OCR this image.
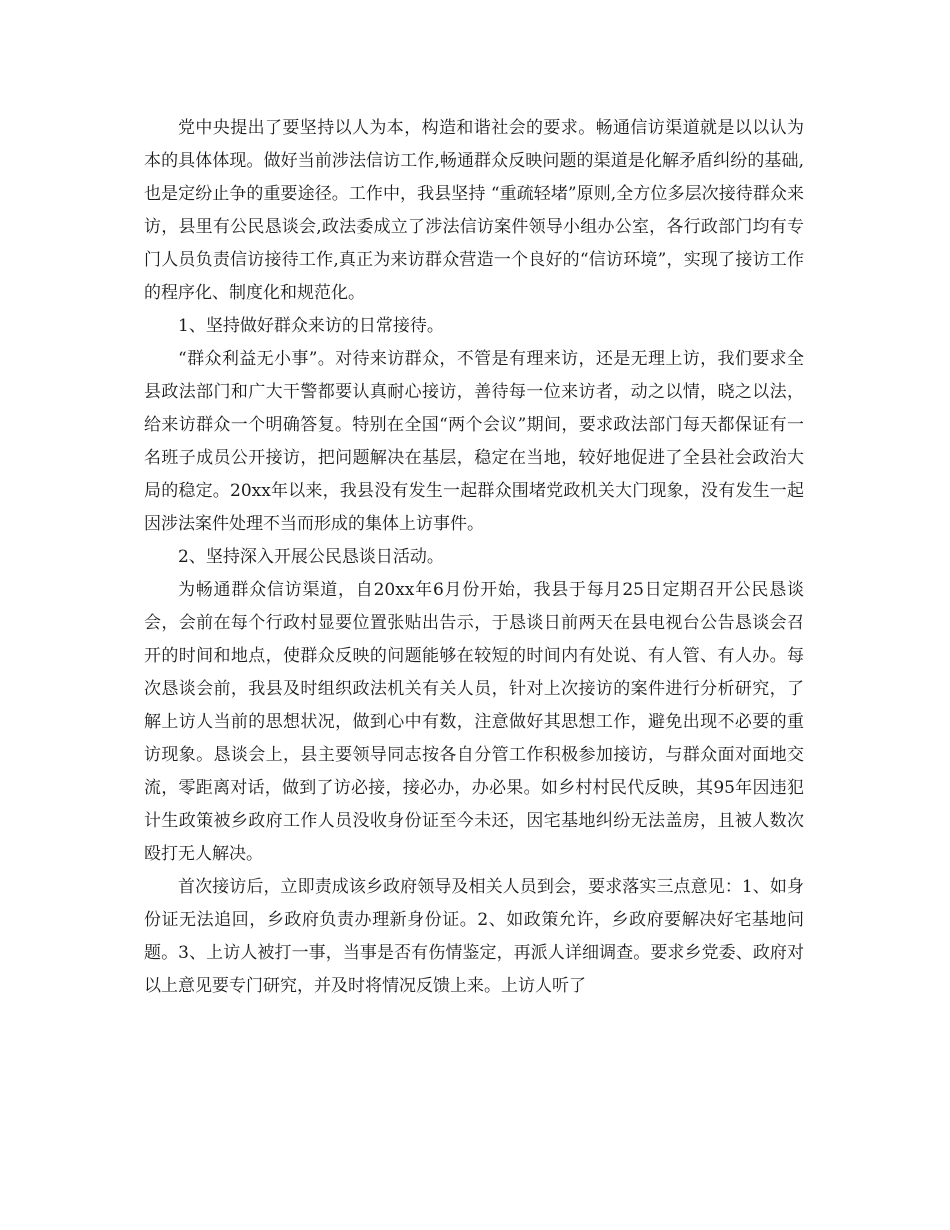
党中央提出了要坚持以人为本，构造和谐社会的要求。畅通信访渠道就是以以认为本的具体体现。做好当前涉法信访工作,畅通群众反映问题的渠道是化解矛盾纠纷的基础,也是定纷止争的重要途径。工作中，我县坚持 “重疏轻堵”原则,全方位多层次接待群众来访，县里有公民恳谈会,政法委成立了涉法信访案件领导小组办公室，各行政部门均有专门人员负责信访接待工作,真正为来访群众营造一个良好的“信访环境”，实现了接访工作的程序化、制度化和规范化。

1、坚持做好群众来访的日常接待。

“群众利益无小事”。对待来访群众，不管是有理来访，还是无理上访，我们要求全县政法部门和广大干警都要认真耐心接访，善待每一位来访者，动之以情，晓之以法，给来访群众一个明确答复。特别在全国“两个会议”期间，要求政法部门每天都保证有一名班子成员公开接访，把问题解决在基层，稳定在当地，较好地促进了全县社会政治大局的稳定。20xx年以来，我县没有发生一起群众围堵党政机关大门现象，没有发生一起因涉法案件处理不当而形成的集体上访事件。

2、坚持深入开展公民恳谈日活动。

为畅通群众信访渠道，自20xx年6月份开始，我县于每月25日定期召开公民恳谈会，会前在每个行政村显要位置张贴出告示，于恳谈日前两天在县电视台公告恳谈会召开的时间和地点，使群众反映的问题能够在较短的时间内有处说、有人管、有人办。每次恳谈会前，我县及时组织政法机关有关人员，针对上次接访的案件进行分析研究，了解上访人当前的思想状况，做到心中有数，注意做好其思想工作，避免出现不必要的重访现象。恳谈会上，县主要领导同志按各自分管工作积极参加接访，与群众面对面地交流，零距离对话，做到了访必接，接必办，办必果。如乡村村民代反映，其95年因违犯计生政策被乡政府工作人员没收身份证至今未还，因宅基地纠纷无法盖房，且被人数次殴打无人解决。

首次接访后，立即责成该乡政府领导及相关人员到会，要求落实三点意见：1、如身份证无法追回，乡政府负责办理新身份证。2、如政策允许，乡政府要解决好宅基地问题。3、上访人被打一事，当事是否有伤情鉴定，再派人详细调查。要求乡党委、政府对以上意见要专门研究，并及时将情况反馈上来。上访人听了
